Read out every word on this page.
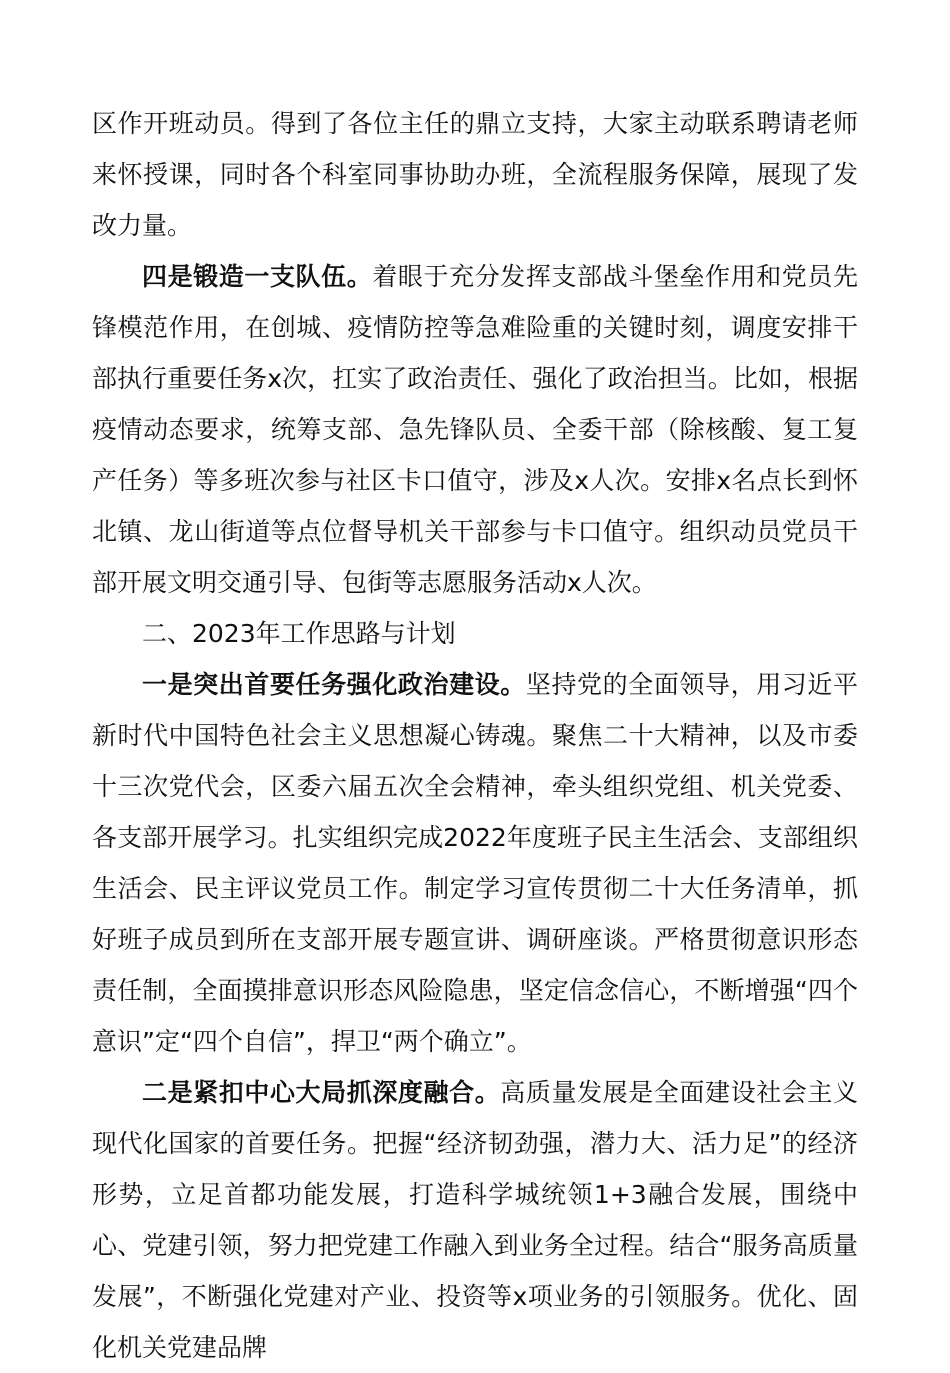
区作开班动员。得到了各位主任的鼎立支持，大家主动联系聘请老师来怀授课，同时各个科室同事协助办班，全流程服务保障，展现了发改力量。

四是锻造一支队伍。着眼于充分发挥支部战斗堡垒作用和党员先锋模范作用，在创城、疫情防控等急难险重的关键时刻，调度安排干部执行重要任务x次，扛实了政治责任、强化了政治担当。比如，根据疫情动态要求，统筹支部、急先锋队员、全委干部（除核酸、复工复产任务）等多班次参与社区卡口值守，涉及x人次。安排x名点长到怀北镇、龙山街道等点位督导机关干部参与卡口值守。组织动员党员干部开展文明交通引导、包街等志愿服务活动x人次。

二、2023年工作思路与计划

一是突出首要任务强化政治建设。坚持党的全面领导，用习近平新时代中国特色社会主义思想凝心铸魂。聚焦二十大精神，以及市委十三次党代会，区委六届五次全会精神，牵头组织党组、机关党委、各支部开展学习。扎实组织完成2022年度班子民主生活会、支部组织生活会、民主评议党员工作。制定学习宣传贯彻二十大任务清单，抓好班子成员到所在支部开展专题宣讲、调研座谈。严格贯彻意识形态责任制，全面摸排意识形态风险隐患，坚定信念信心，不断增强“四个意识”定“四个自信”，捍卫“两个确立”。

二是紧扣中心大局抓深度融合。高质量发展是全面建设社会主义现代化国家的首要任务。把握“经济韧劲强，潜力大、活力足”的经济形势，立足首都功能发展，打造科学城统领1+3融合发展，围绕中心、党建引领，努力把党建工作融入到业务全过程。结合“服务高质量发展”，不断强化党建对产业、投资等x项业务的引领服务。优化、固化机关党建品牌
